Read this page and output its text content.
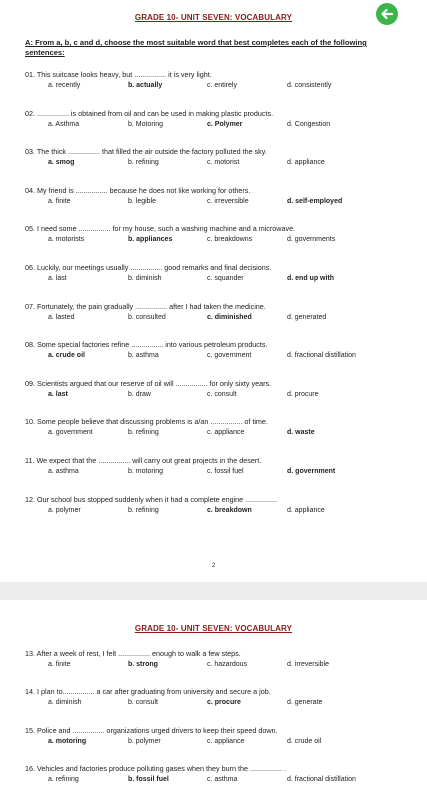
GRADE 10- UNIT SEVEN: VOCABULARY
A: From a, b, c and d, choose the most suitable word that best completes each of the following sentences:
01. This suitcase looks heavy, but ................ it is very light.
a. recently	b. actually	c. entirely	d. consistently
02. ................ is obtained from oil and can be used in making plastic products.
a. Asthma	b. Motoring	c. Polymer	d. Congestion
03. The thick ................ that filled the air outside the factory polluted the sky.
a. smog	b. refining	c. motorist	d. appliance
04. My friend is ................ because he does not like working for others.
a. finite	b. legible	c. irreversible	d. self-employed
05. I need some ................ for my house, such a washing machine and a microwave.
a. motorists	b. appliances	c. breakdowns	d. governments
06. Luckily, our meetings usually ................ good remarks and final decisions.
a. last	b. diminish	c. squander	d. end up with
07. Fortunately, the pain gradually ................ after I had taken the medicine.
a. lasted	b. consulted	c. diminished	d. generated
08. Some special factories refine ................ into various petroleum products.
a. crude oil	b. asthma	c. government	d. fractional distillation
09. Scientists argued that our reserve of oil will ................ for only sixty years.
a. last	b. draw	c. consult	d. procure
10. Some people believe that discussing problems is a/an ................ of time.
a. government	b. refining	c. appliance	d. waste
11. We expect that the ................ will carry out great projects in the desert.
a. asthma	b. motoring	c. fossil fuel	d. government
12. Our school bus stopped suddenly when it had a complete engine ................
a. polymer	b. refining	c. breakdown	d. appliance
2
GRADE 10- UNIT SEVEN: VOCABULARY
13. After a week of rest, I felt ................ enough to walk a few steps.
a. finite	b. strong	c. hazardous	d. irreversible
14. I plan to................ a car after graduating from university and secure a job.
a. diminish	b. consult	c. procure	d. generate
15. Police and ................ organizations urged drivers to keep their speed down.
a. motoring	b. polymer	c. appliance	d. crude oil
16. Vehicles and factories produce polluting gases when they burn the ................ .
a. refining	b. fossil fuel	c. asthma	d. fractional distillation
